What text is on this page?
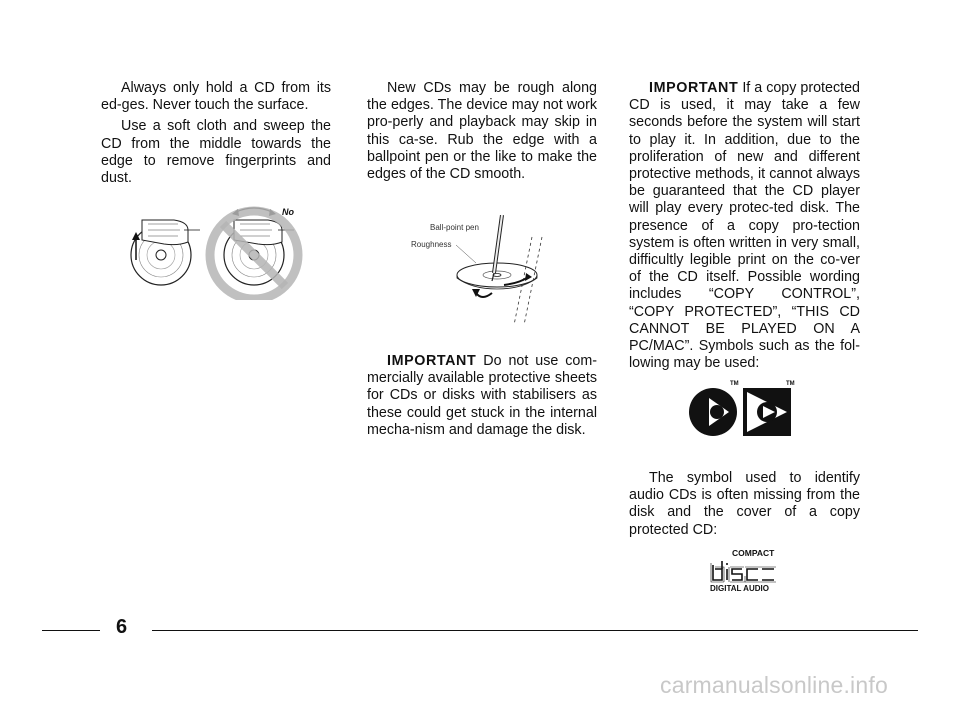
Always only hold a CD from its ed-ges. Never touch the surface.

Use a soft cloth and sweep the CD from the middle towards the edge to remove fingerprints and dust.

No

New CDs may be rough along the edges. The device may not work pro-perly and playback may skip in this ca-se. Rub the edge with a ballpoint pen or the like to make the edges of the CD smooth.

Ball-point pen
Roughness

IMPORTANT Do not use com-mercially available protective sheets for CDs or disks with stabilisers as these could get stuck in the internal mecha-nism and damage the disk.

IMPORTANT If a copy protected CD is used, it may take a few seconds before the system will start to play it. In addition, due to the proliferation of new and different protective methods, it cannot always be guaranteed that the CD player will play every protec-ted disk. The presence of a copy pro-tection system is often written in very small, difficultly legible print on the co-ver of the CD itself. Possible wording includes “COPY CONTROL”, “COPY PROTECTED”, “THIS CD CANNOT BE PLAYED ON A PC/MAC”. Symbols such as the fol-lowing may be used:

TM	TM

The symbol used to identify audio CDs is often missing from the disk and the cover of a copy protected CD:

COMPACT
DIGITAL AUDIO
6
carmanualsonline.info
